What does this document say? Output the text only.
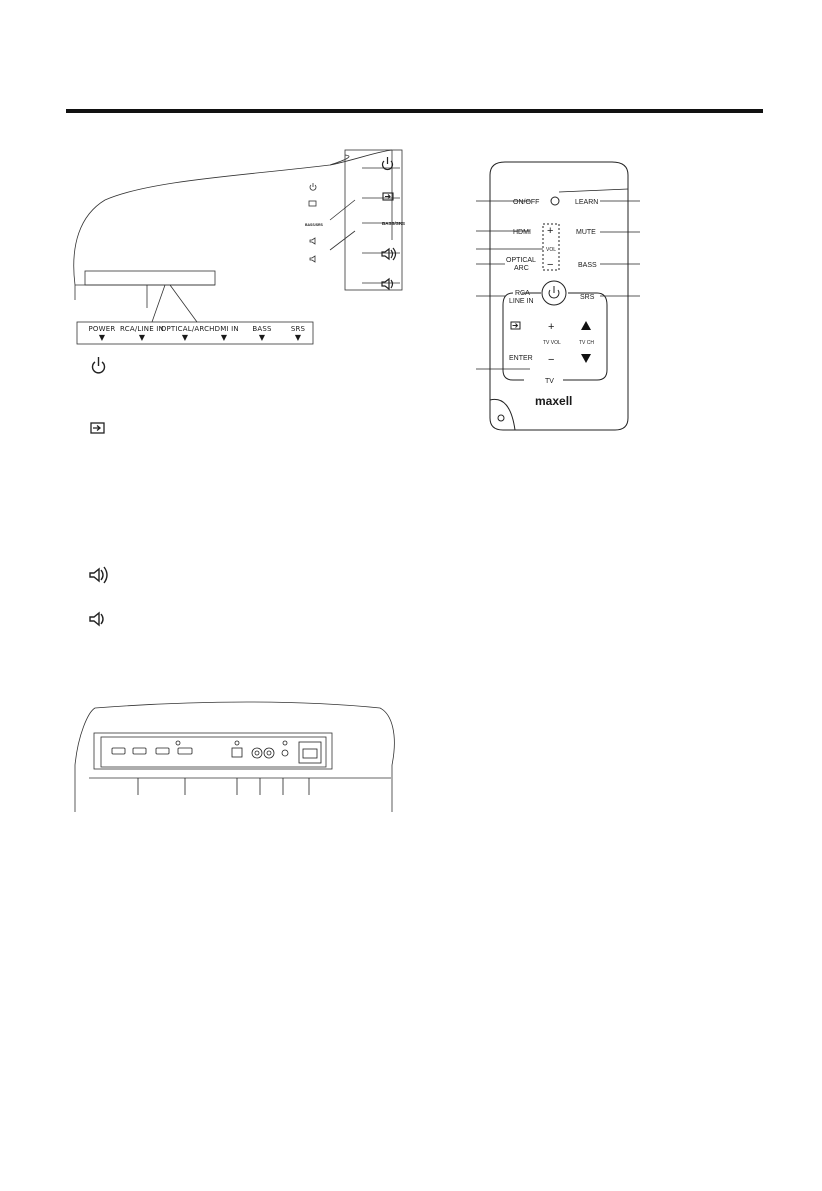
BASS/SRS	BASS/SRS
ON/OFF	LEARN
HDMI	MUTE
+
VOL
−
OPTICAL
ARC	BASS
RCA
LINE IN
SRS
+
TV VOL	TV CH
ENTER −
TV
maxell
POWER
▼
RCA/LINE IN
▼
OPTICAL/ARC
▼
HDMI IN
▼
BASS
▼
SRS
▼
